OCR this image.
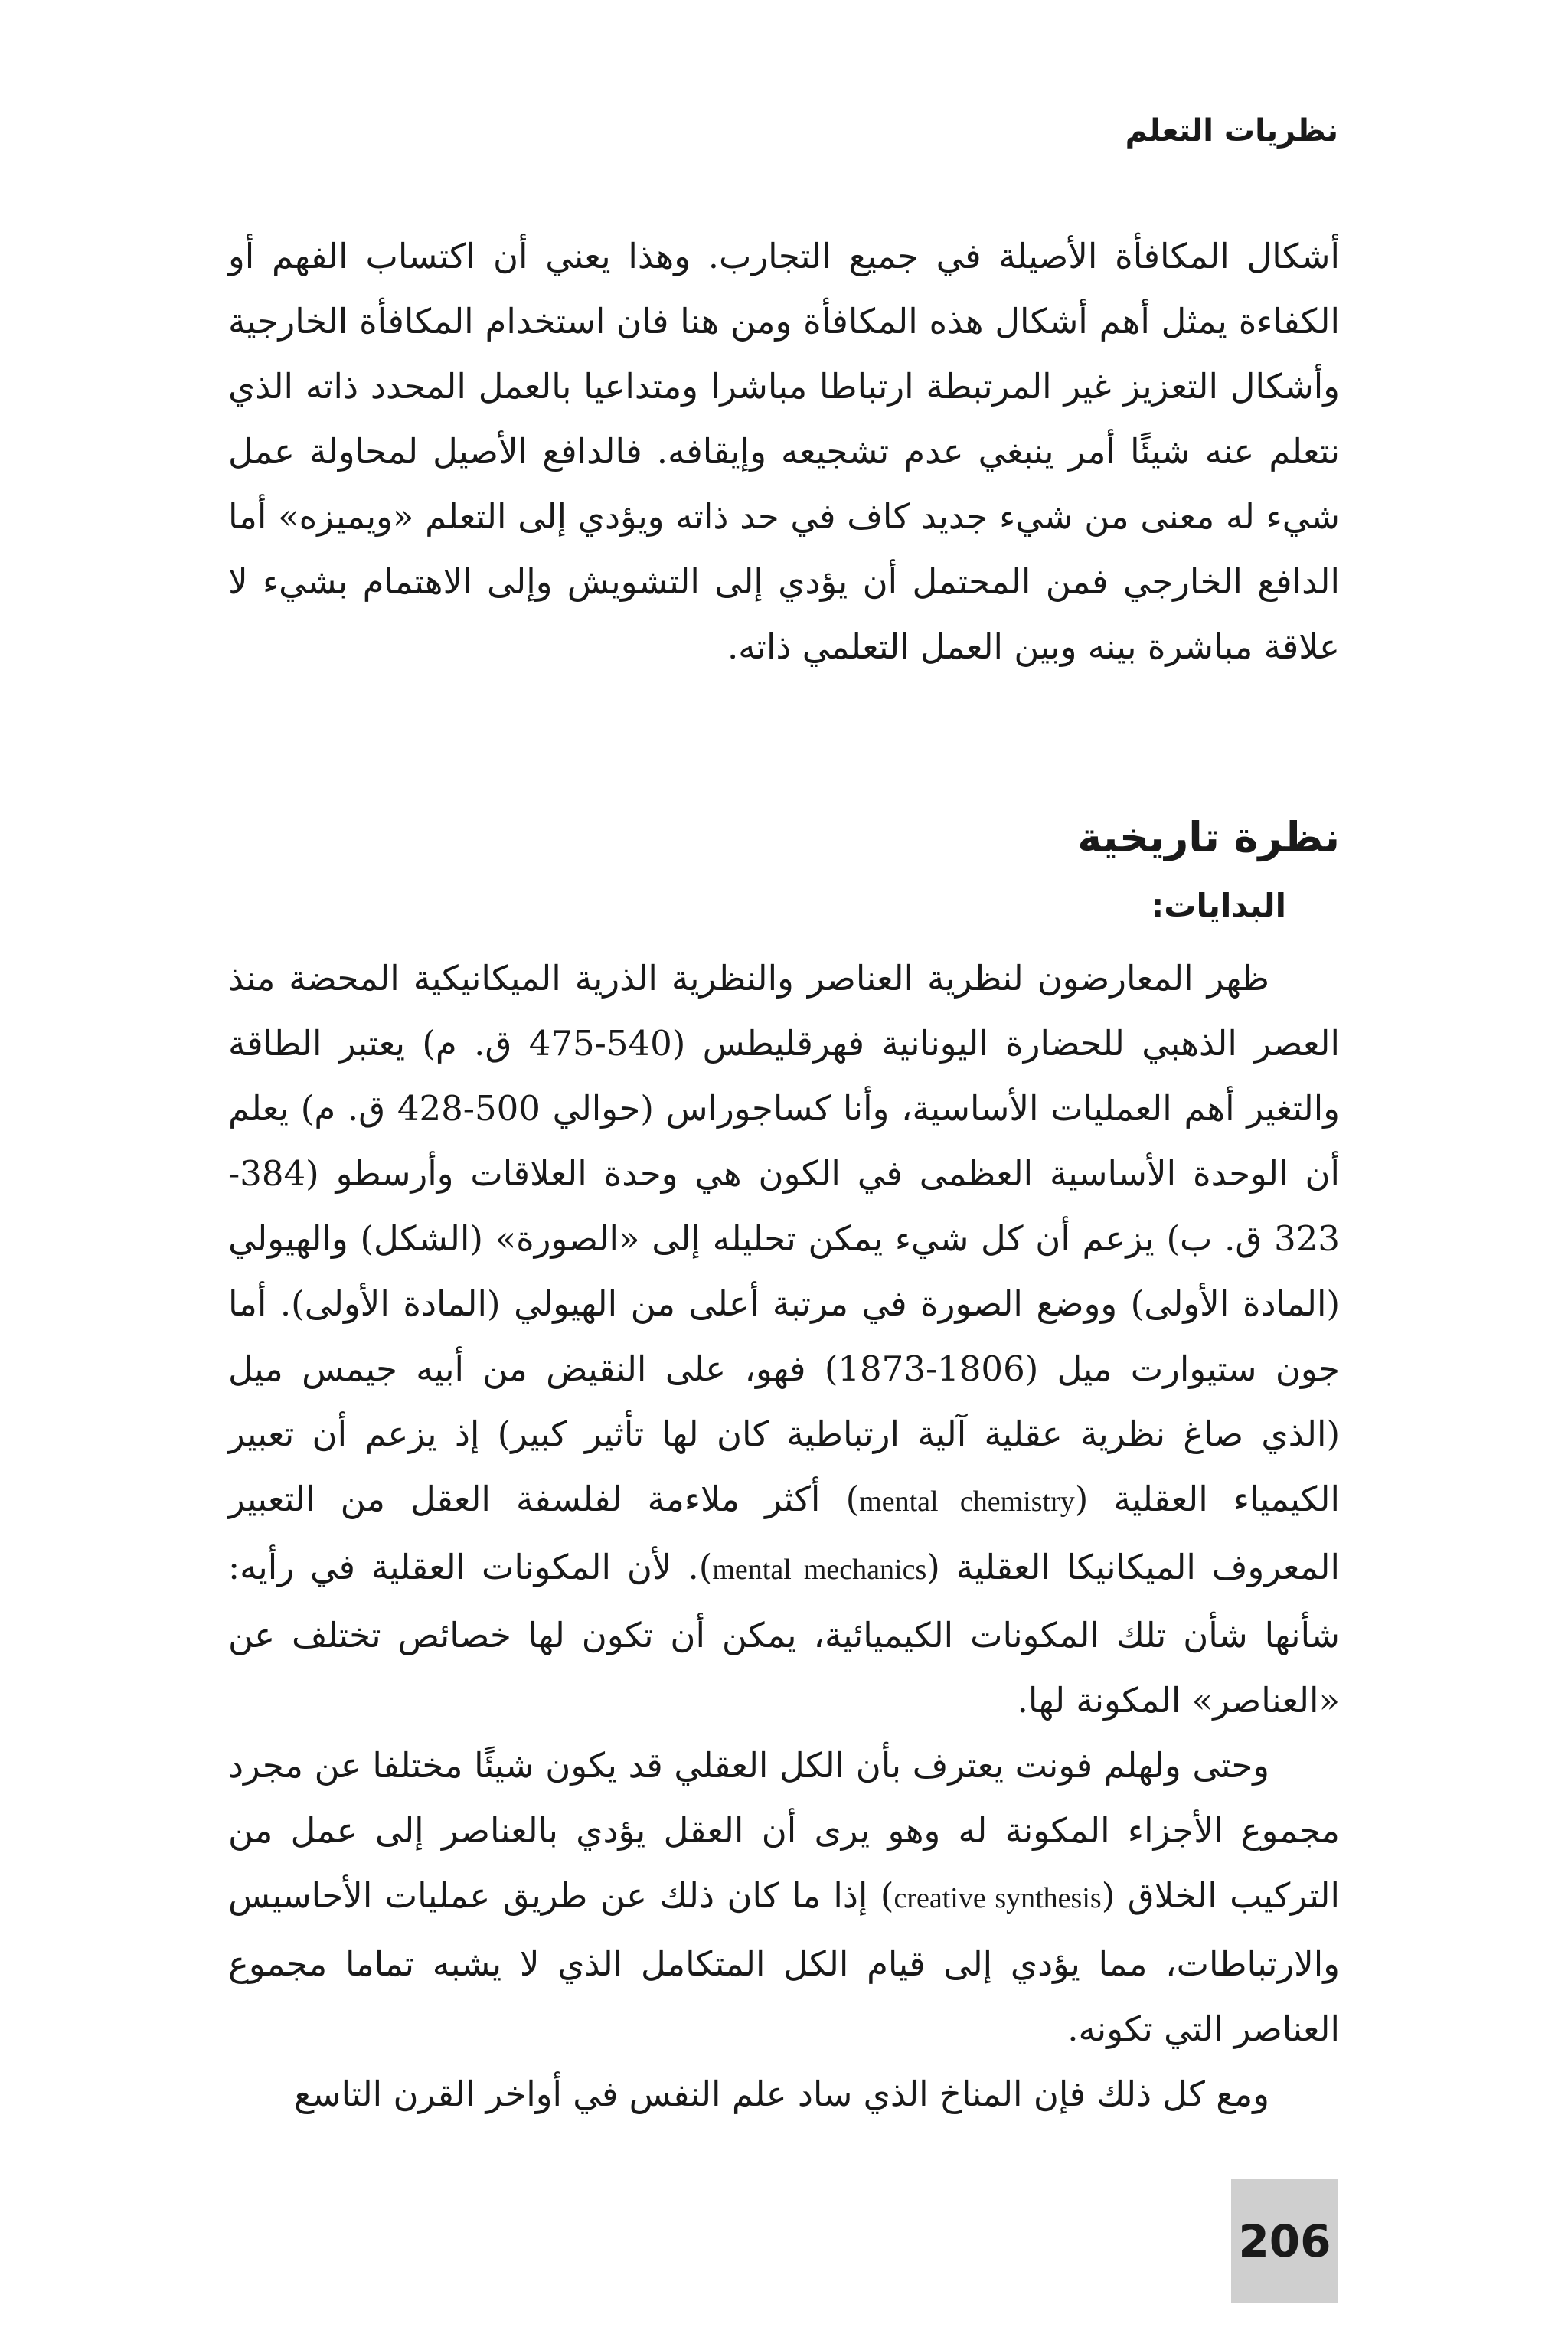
نظريات التعلم

أشكال المكافأة الأصيلة في جميع التجارب. وهذا يعني أن اكتساب الفهم أو الكفاءة يمثل أهم أشكال هذه المكافأة ومن هنا فان استخدام المكافأة الخارجية وأشكال التعزيز غير المرتبطة ارتباطا مباشرا ومتداعيا بالعمل المحدد ذاته الذي نتعلم عنه شيئًا أمر ينبغي عدم تشجيعه وإيقافه. فالدافع الأصيل لمحاولة عمل شيء له معنى من شيء جديد كاف في حد ذاته ويؤدي إلى التعلم «ويميزه» أما الدافع الخارجي فمن المحتمل أن يؤدي إلى التشويش وإلى الاهتمام بشيء لا علاقة مباشرة بينه وبين العمل التعلمي ذاته.

نظرة تاريخية
البدايات:

ظهر المعارضون لنظرية العناصر والنظرية الذرية الميكانيكية المحضة منذ العصر الذهبي للحضارة اليونانية فهرقليطس (540-475 ق. م) يعتبر الطاقة والتغير أهم العمليات الأساسية، وأنا كساجوراس (حوالي 500-428 ق. م) يعلم أن الوحدة الأساسية العظمى في الكون هي وحدة العلاقات وأرسطو (384-323 ق. ب) يزعم أن كل شيء يمكن تحليله إلى «الصورة» (الشكل) والهيولي (المادة الأولى) ووضع الصورة في مرتبة أعلى من الهيولي (المادة الأولى). أما جون ستيوارت ميل (1806-1873) فهو، على النقيض من أبيه جيمس ميل (الذي صاغ نظرية عقلية آلية ارتباطية كان لها تأثير كبير) إذ يزعم أن تعبير الكيمياء العقلية (mental chemistry) أكثر ملاءمة لفلسفة العقل من التعبير المعروف الميكانيكا العقلية (mental mechanics). لأن المكونات العقلية في رأيه: شأنها شأن تلك المكونات الكيميائية، يمكن أن تكون لها خصائص تختلف عن «العناصر» المكونة لها.

وحتى ولهلم فونت يعترف بأن الكل العقلي قد يكون شيئًا مختلفا عن مجرد مجموع الأجزاء المكونة له وهو يرى أن العقل يؤدي بالعناصر إلى عمل من التركيب الخلاق (creative synthesis) إذا ما كان ذلك عن طريق عمليات الأحاسيس والارتباطات، مما يؤدي إلى قيام الكل المتكامل الذي لا يشبه تماما مجموع العناصر التي تكونه.

ومع كل ذلك فإن المناخ الذي ساد علم النفس في أواخر القرن التاسع

206
